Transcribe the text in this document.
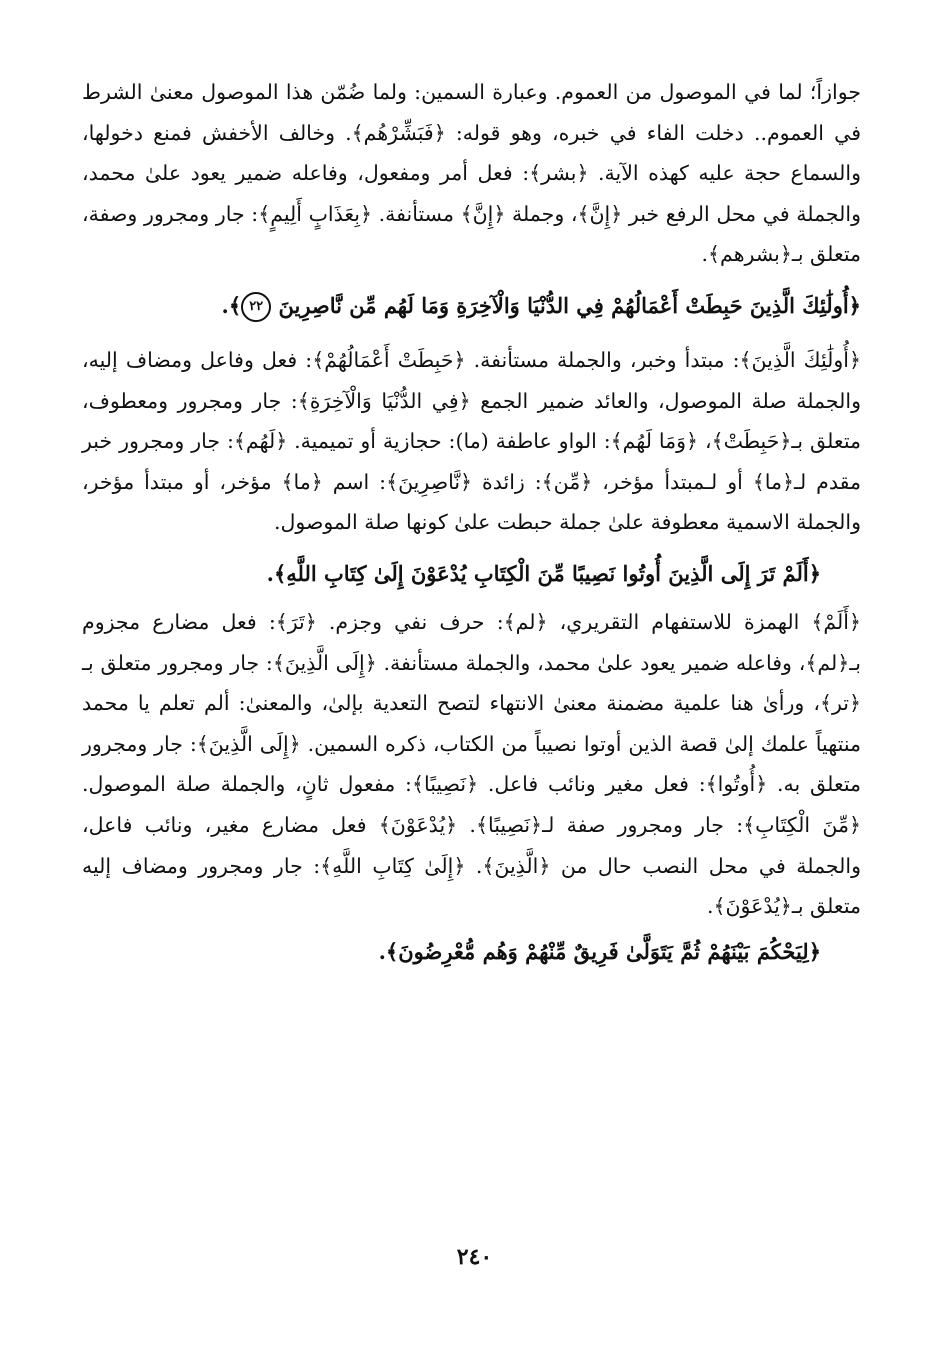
جوازاً؛ لما في الموصول من العموم. وعبارة السمين: ولما ضُمّن هذا الموصول معنىٰ الشرط في العموم.. دخلت الفاء في خبره، وهو قوله: ﴿فَبَشِّرْهُم﴾. وخالف الأخفش فمنع دخولها، والسماع حجة عليه كهذه الآية. ﴿بشر﴾: فعل أمر ومفعول، وفاعله ضمير يعود علىٰ محمد، والجملة في محل الرفع خبر ﴿إِنَّ﴾، وجملة ﴿إِنَّ﴾ مستأنفة. ﴿بِعَذَابٍ أَلِيمٍ﴾: جار ومجرور وصفة، متعلق بـ﴿بشرهم﴾.

﴿أُولَٰئِكَ الَّذِينَ حَبِطَتْ أَعْمَالُهُمْ فِي الدُّنْيَا وَالْآخِرَةِ وَمَا لَهُم مِّن نَّاصِرِينَ ٢٢﴾.

﴿أُولَٰئِكَ الَّذِينَ﴾: مبتدأ وخبر، والجملة مستأنفة. ﴿حَبِطَتْ أَعْمَالُهُمْ﴾: فعل وفاعل ومضاف إليه، والجملة صلة الموصول، والعائد ضمير الجمع ﴿فِي الدُّنْيَا وَالْآخِرَةِ﴾: جار ومجرور ومعطوف، متعلق بـ﴿حَبِطَتْ﴾، ﴿وَمَا لَهُم﴾: الواو عاطفة (ما): حجازية أو تميمية. ﴿لَهُم﴾: جار ومجرور خبر مقدم لـ﴿ما﴾ أو لـمبتدأ مؤخر، ﴿مِّن﴾: زائدة ﴿نَّاصِرِينَ﴾: اسم ﴿ما﴾ مؤخر، أو مبتدأ مؤخر، والجملة الاسمية معطوفة علىٰ جملة حبطت علىٰ كونها صلة الموصول.

﴿أَلَمْ تَرَ إِلَى الَّذِينَ أُوتُوا نَصِيبًا مِّنَ الْكِتَابِ يُدْعَوْنَ إِلَىٰ كِتَابِ اللَّهِ﴾.

﴿أَلَمْ﴾ الهمزة للاستفهام التقريري، ﴿لم﴾: حرف نفي وجزم. ﴿تَرَ﴾: فعل مضارع مجزوم بـ﴿لم﴾، وفاعله ضمير يعود علىٰ محمد، والجملة مستأنفة. ﴿إِلَى الَّذِينَ﴾: جار ومجرور متعلق بـ ﴿تر﴾، ورأىٰ هنا علمية مضمنة معنىٰ الانتهاء لتصح التعدية بإلىٰ، والمعنىٰ: ألم تعلم يا محمد منتهياً علمك إلىٰ قصة الذين أوتوا نصيباً من الكتاب، ذكره السمين. ﴿إِلَى الَّذِينَ﴾: جار ومجرور متعلق به. ﴿أُوتُوا﴾: فعل مغير ونائب فاعل. ﴿نَصِيبًا﴾: مفعول ثانٍ، والجملة صلة الموصول. ﴿مِّنَ الْكِتَابِ﴾: جار ومجرور صفة لـ﴿نَصِيبًا﴾. ﴿يُدْعَوْنَ﴾ فعل مضارع مغير، ونائب فاعل، والجملة في محل النصب حال من ﴿الَّذِينَ﴾. ﴿إِلَىٰ كِتَابِ اللَّهِ﴾: جار ومجرور ومضاف إليه متعلق بـ﴿يُدْعَوْنَ﴾.

﴿لِيَحْكُمَ بَيْنَهُمْ ثُمَّ يَتَوَلَّىٰ فَرِيقٌ مِّنْهُمْ وَهُم مُّعْرِضُونَ﴾.

٢٤٠
